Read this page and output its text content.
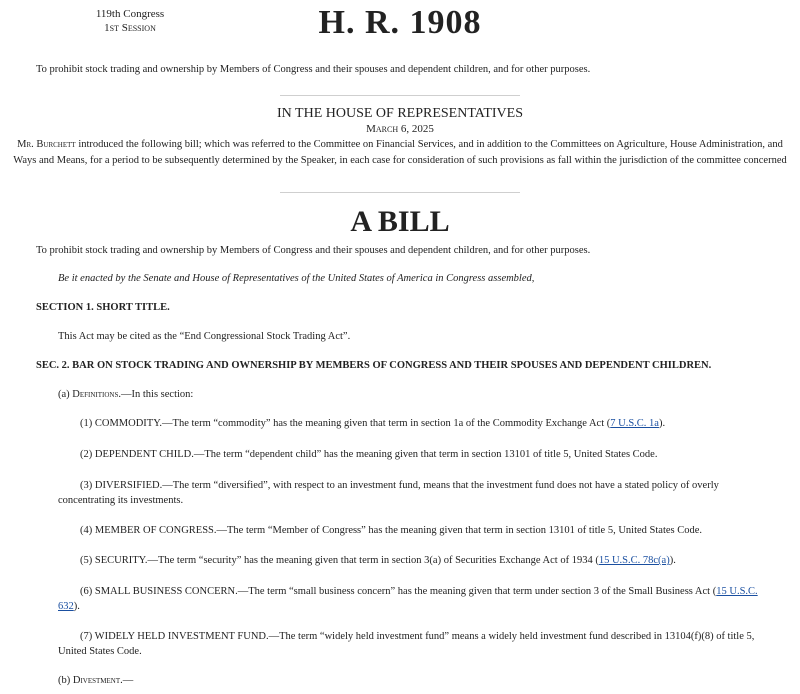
119th Congress
1st Session	H. R. 1908
To prohibit stock trading and ownership by Members of Congress and their spouses and dependent children, and for other purposes.
IN THE HOUSE OF REPRESENTATIVES
March 6, 2025
Mr. Burchett introduced the following bill; which was referred to the Committee on Financial Services, and in addition to the Committees on Agriculture, House Administration, and Ways and Means, for a period to be subsequently determined by the Speaker, in each case for consideration of such provisions as fall within the jurisdiction of the committee concerned
A BILL
To prohibit stock trading and ownership by Members of Congress and their spouses and dependent children, and for other purposes.
Be it enacted by the Senate and House of Representatives of the United States of America in Congress assembled,
SECTION 1. SHORT TITLE.
This Act may be cited as the “End Congressional Stock Trading Act”.
SEC. 2. BAR ON STOCK TRADING AND OWNERSHIP BY MEMBERS OF CONGRESS AND THEIR SPOUSES AND DEPENDENT CHILDREN.
(a) Definitions.—In this section:
(1) COMMODITY.—The term “commodity” has the meaning given that term in section 1a of the Commodity Exchange Act (7 U.S.C. 1a).
(2) DEPENDENT CHILD.—The term “dependent child” has the meaning given that term in section 13101 of title 5, United States Code.
(3) DIVERSIFIED.—The term “diversified”, with respect to an investment fund, means that the investment fund does not have a stated policy of overly concentrating its investments.
(4) MEMBER OF CONGRESS.—The term “Member of Congress” has the meaning given that term in section 13101 of title 5, United States Code.
(5) SECURITY.—The term “security” has the meaning given that term in section 3(a) of Securities Exchange Act of 1934 (15 U.S.C. 78c(a)).
(6) SMALL BUSINESS CONCERN.—The term “small business concern” has the meaning given that term under section 3 of the Small Business Act (15 U.S.C. 632).
(7) WIDELY HELD INVESTMENT FUND.—The term “widely held investment fund” means a widely held investment fund described in 13104(f)(8) of title 5, United States Code.
(b) Divestment.—
